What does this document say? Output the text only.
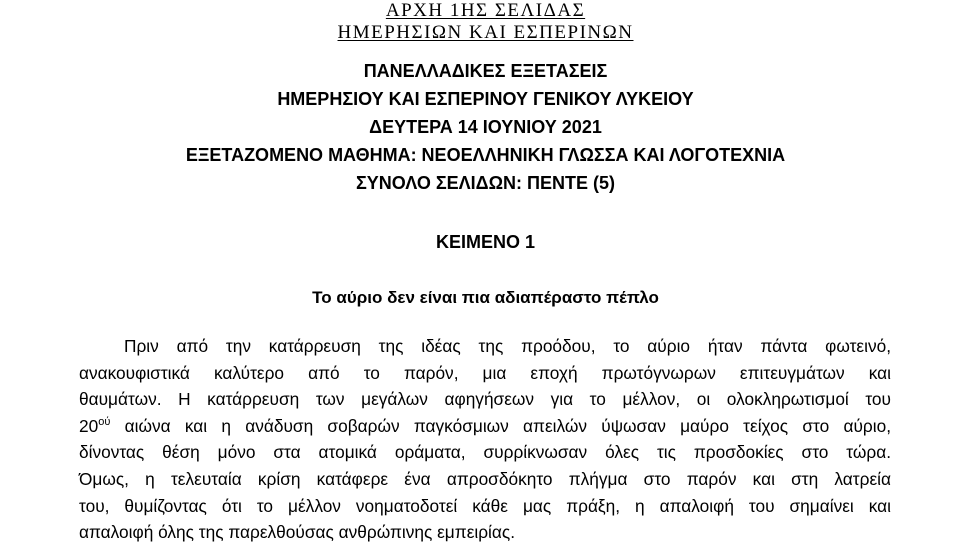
ΑΡΧΗ 1ΗΣ ΣΕΛΙΔΑΣ
ΗΜΕΡΗΣΙΩΝ ΚΑΙ ΕΣΠΕΡΙΝΩΝ
ΠΑΝΕΛΛΑΔΙΚΕΣ ΕΞΕΤΑΣΕΙΣ
ΗΜΕΡΗΣΙΟΥ ΚΑΙ ΕΣΠΕΡΙΝΟΥ ΓΕΝΙΚΟΥ ΛΥΚΕΙΟΥ
ΔΕΥΤΕΡΑ 14 ΙΟΥΝΙΟΥ 2021
ΕΞΕΤΑΖΟΜΕΝΟ ΜΑΘΗΜΑ: ΝΕΟΕΛΛΗΝΙΚΗ ΓΛΩΣΣΑ ΚΑΙ ΛΟΓΟΤΕΧΝΙΑ
ΣΥΝΟΛΟ ΣΕΛΙΔΩΝ: ΠΕΝΤΕ (5)
ΚΕΙΜΕΝΟ 1
Το αύριο δεν είναι πια αδιαπέραστο πέπλο
Πριν από την κατάρρευση της ιδέας της προόδου, το αύριο ήταν πάντα φωτεινό,
ανακουφιστικά καλύτερο από το παρόν, μια εποχή πρωτόγνωρων επιτευγμάτων και
θαυμάτων. Η κατάρρευση των μεγάλων αφηγήσεων για το μέλλον, οι ολοκληρωτισμοί του
$20^{oύ}$ αιώνα και η ανάδυση σοβαρών παγκόσμιων απειλών ύψωσαν μαύρο τείχος στο αύριο,
δίνοντας θέση μόνο στα ατομικά οράματα, συρρίκνωσαν όλες τις προσδοκίες στο τώρα.
Όμως, η τελευταία κρίση κατάφερε ένα απροσδόκητο πλήγμα στο παρόν και στη λατρεία
του, θυμίζοντας ότι το μέλλον νοηματοδοτεί κάθε μας πράξη, η απαλοιφή του σημαίνει και
απαλοιφή όλης της παρελθούσας ανθρώπινης εμπειρίας.
